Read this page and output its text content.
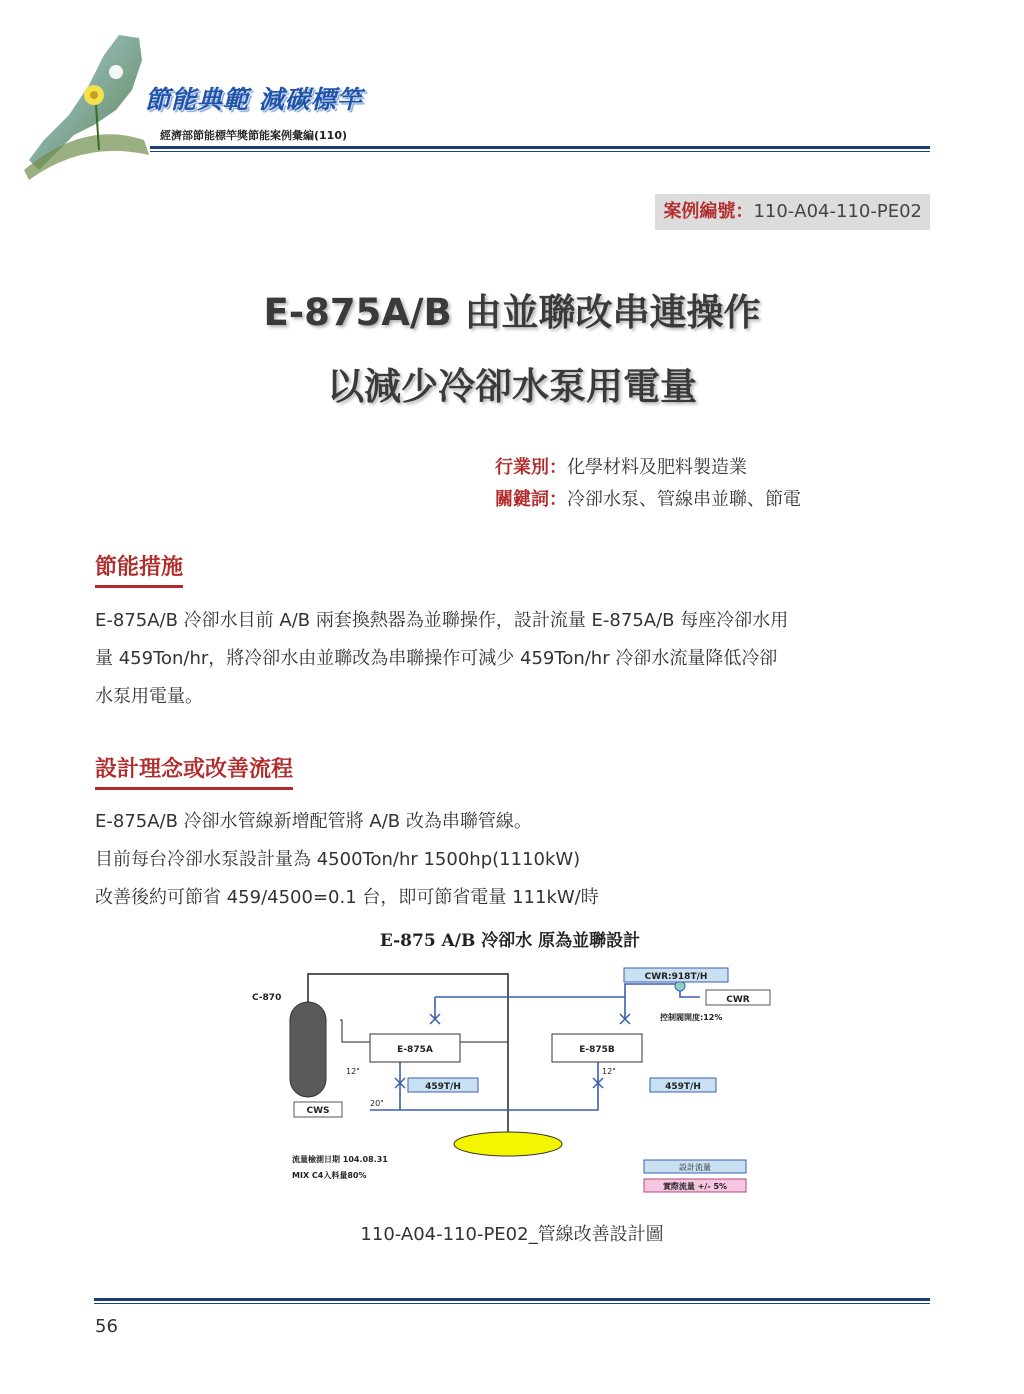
節能典範 減碳標竿
經濟部節能標竿獎節能案例彙編(110)
案例編號：110-A04-110-PE02
E-875A/B 由並聯改串連操作
以減少冷卻水泵用電量
行業別：化學材料及肥料製造業
關鍵詞：冷卻水泵、管線串並聯、節電
節能措施
E-875A/B 冷卻水目前 A/B 兩套換熱器為並聯操作，設計流量 E-875A/B 每座冷卻水用
量 459Ton/hr，將冷卻水由並聯改為串聯操作可減少 459Ton/hr 冷卻水流量降低冷卻
水泵用電量。
設計理念或改善流程
E-875A/B 冷卻水管線新增配管將 A/B 改為串聯管線。
目前每台冷卻水泵設計量為 4500Ton/hr 1500hp(1110kW)
改善後約可節省 459/4500=0.1 台，即可節省電量 111kW/時
E-875 A/B 冷卻水 原為並聯設計
C-870
CWS
E-875A	E-875B
CWR:918T/H
CWR
控制閥開度:12%
12"	12"
20"
459T/H	459T/H
流量檢測日期 104.08.31
MIX C4入料量80%
設計流量
實際流量 +/- 5%
110-A04-110-PE02_管線改善設計圖
56
